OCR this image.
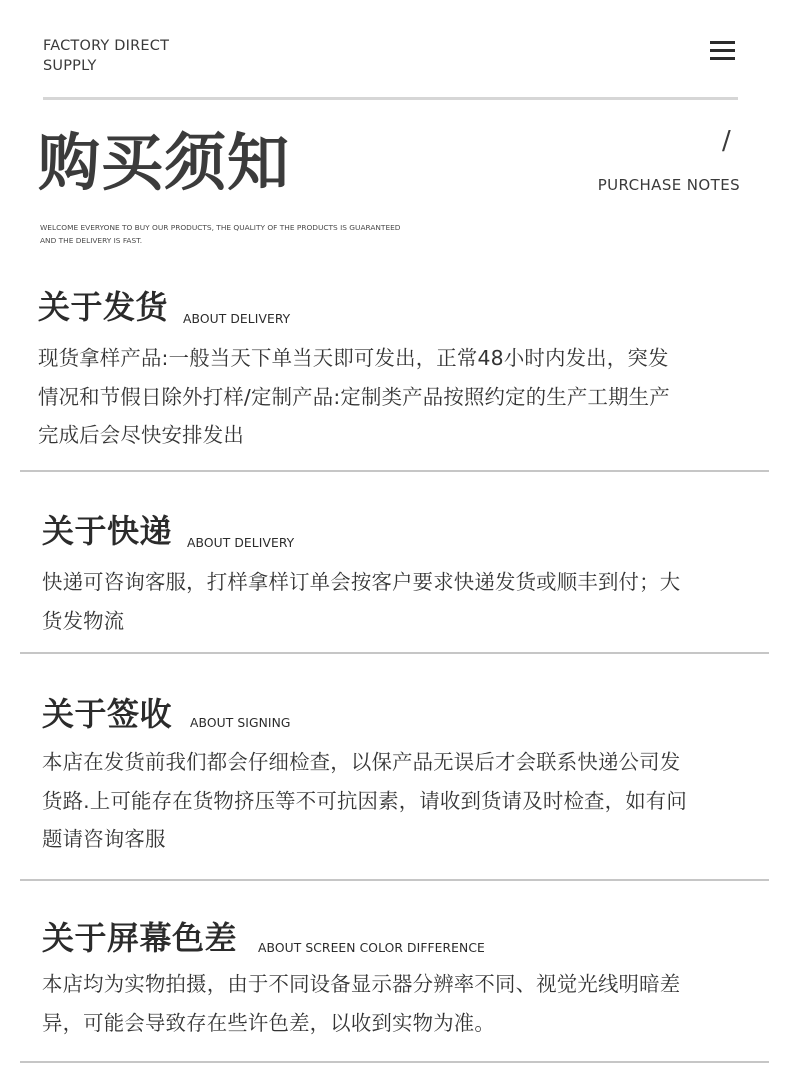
FACTORY DIRECT
SUPPLY
购买须知	/
PURCHASE NOTES
WELCOME EVERYONE TO BUY OUR PRODUCTS, THE QUALITY OF THE PRODUCTS IS GUARANTEED
AND THE DELIVERY IS FAST.
关于发货 ABOUT DELIVERY
现货拿样产品:一般当天下单当天即可发出，正常48小时内发出，突发
情况和节假日除外打样/定制产品:定制类产品按照约定的生产工期生产
完成后会尽快安排发出
关于快递 ABOUT DELIVERY
快递可咨询客服，打样拿样订单会按客户要求快递发货或顺丰到付；大
货发物流
关于签收 ABOUT SIGNING
本店在发货前我们都会仔细检查，以保产品无误后才会联系快递公司发
货路.上可能存在货物挤压等不可抗因素，请收到货请及时检查，如有问
题请咨询客服
关于屏幕色差 ABOUT SCREEN COLOR DIFFERENCE
本店均为实物拍摄，由于不同设备显示器分辨率不同、视觉光线明暗差
异，可能会导致存在些许色差，以收到实物为准。
